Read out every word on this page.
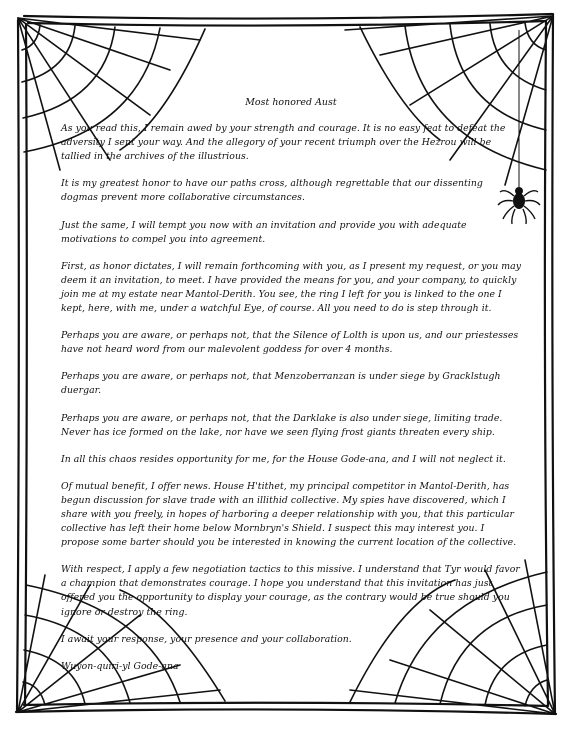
Most honored Aust

As you read this, I remain awed by your strength and courage. It is no easy feat to defeat the adversity I sent your way. And the allegory of your recent triumph over the Hezrou will be tallied in the archives of the illustrious.

It is my greatest honor to have our paths cross, although regrettable that our dissenting dogmas prevent more collaborative circumstances.

Just the same, I will tempt you now with an invitation and provide you with adequate motivations to compel you into agreement.

First, as honor dictates, I will remain forthcoming with you, as I present my request, or you may deem it an invitation, to meet. I have provided the means for you, and your company, to quickly join me at my estate near Mantol-Derith. You see, the ring I left for you is linked to the one I kept, here, with me, under a watchful Eye, of course. All you need to do is step through it.

Perhaps you are aware, or perhaps not, that the Silence of Lolth is upon us, and our priestesses have not heard word from our malevolent goddess for over 4 months.

Perhaps you are aware, or perhaps not, that Menzoberranzan is under siege by Gracklstugh duergar.

Perhaps you are aware, or perhaps not, that the Darklake is also under siege, limiting trade. Never has ice formed on the lake, nor have we seen flying frost giants threaten every ship.

In all this chaos resides opportunity for me, for the House Gode-ana, and I will not neglect it.

Of mutual benefit, I offer news. House H'tithet, my principal competitor in Mantol-Derith, has begun discussion for slave trade with an illithid collective. My spies have discovered, which I share with you freely, in hopes of harboring a deeper relationship with you, that this particular collective has left their home below Mornbryn's Shield. I suspect this may interest you. I propose some barter should you be interested in knowing the current location of the collective.

With respect, I apply a few negotiation tactics to this missive. I understand that Tyr would favor a champion that demonstrates courage. I hope you understand that this invitation has just offered you the opportunity to display your courage, as the contrary would be true should you ignore or destroy the ring.

I await your response, your presence and your collaboration.

Wuyon-quiri-yl Gode-ana
